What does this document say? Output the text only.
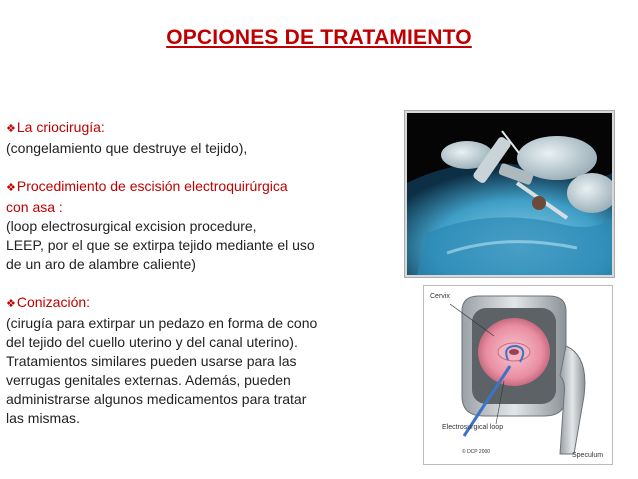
OPCIONES DE TRATAMIENTO
❖La criocirugía:
(congelamiento que destruye el tejido),
❖Procedimiento de escisión electroquirúrgica
con asa :
(loop electrosurgical excision procedure,
LEEP, por el que se extirpa tejido mediante el uso
de un aro de alambre caliente)
❖Conización:
(cirugía para extirpar un pedazo en forma de cono
del tejido del cuello uterino y del canal uterino).
Tratamientos similares pueden usarse para las
verrugas genitales externas. Además, pueden
administrarse algunos medicamentos para tratar
las mismas.
Cervix
Electrosurgical loop
© DCP 2000	Speculum
